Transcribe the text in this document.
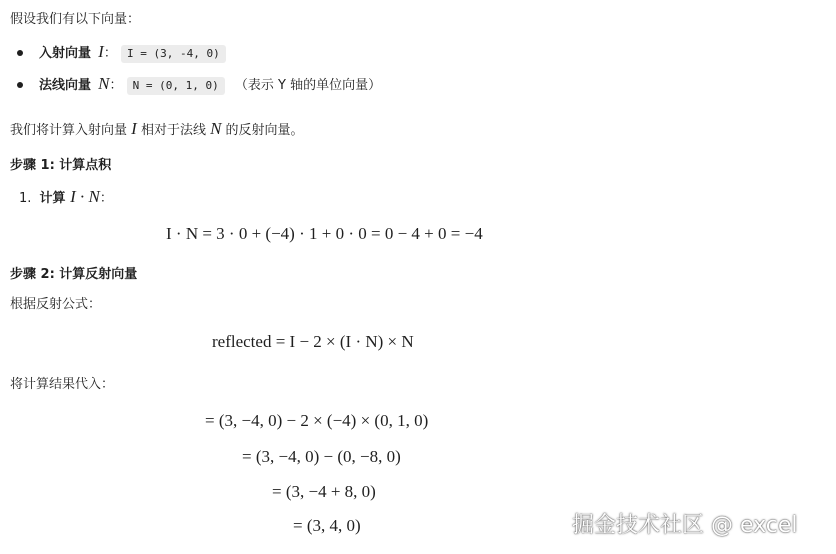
假设我们有以下向量：
入射向量 I： I = (3, -4, 0)
法线向量 N： N = (0, 1, 0) （表示 Y 轴的单位向量）
我们将计算入射向量 I 相对于法线 N 的反射向量。
步骤 1: 计算点积
1. 计算 I · N：
I · N = 3 · 0 + (−4) · 1 + 0 · 0 = 0 − 4 + 0 = −4
步骤 2: 计算反射向量
根据反射公式：
reflected = I − 2 × (I · N) × N
将计算结果代入：
= (3, −4, 0) − 2 × (−4) × (0, 1, 0)
= (3, −4, 0) − (0, −8, 0)
= (3, −4 + 8, 0)
= (3, 4, 0)	掘金技术社区 @ excel
